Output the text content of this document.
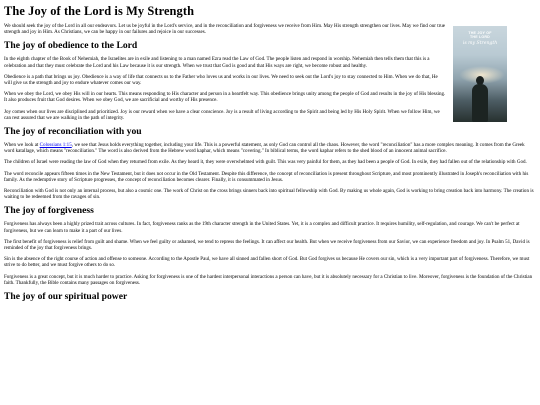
The Joy of the Lord is My Strength

We should seek the joy of the Lord in all our endeavors. Let us be joyful in the Lord's service, and in the reconciliation and forgiveness we receive from Him. May His strength strengthen our lives. May we find our true strength and joy in Him. As Christians, we can be happy in our failures and rejoice in our successes.	THE JOY OF
THE LORD
is my Strength
The joy of obedience to the Lord

In the eighth chapter of the Book of Nehemiah, the Israelites are in exile and listening to a man named Ezra read the Law of God. The people listen and respond in worship. Nehemiah then tells them that this is a celebration and that they must celebrate the Lord and his Law because it is our strength. When we trust that God is good and that His ways are right, we become robust and healthy.

Obedience is a path that brings us joy. Obedience is a way of life that connects us to the Father who loves us and works in our lives. We need to seek out the Lord's joy to stay connected to Him. When we do that, He will give us the strength and joy to endure whatever comes our way.

When we obey the Lord, we obey His will in our hearts. This means responding to His character and person in a heartfelt way. This obedience brings unity among the people of God and results in the joy of His blessing. It also produces fruit that God desires. When we obey God, we are sacrificial and worthy of His presence.

Joy comes when our lives are disciplined and prioritized. Joy is our reward when we have a clear conscience. Joy is a result of living according to the Spirit and being led by His Holy Spirit. When we follow Him, we can rest assured that we are walking in the path of integrity.

The joy of reconciliation with you

When we look at Colossians 1:15, we see that Jesus holds everything together, including your life. This is a powerful statement, as only God can control all the chaos. However, the word "reconciliation" has a more complex meaning. It comes from the Greek word katallage, which means "reconciliation." The word is also derived from the Hebrew word kaphar, which means "covering." In biblical terms, the word kaphar refers to the shed blood of an innocent animal sacrifice.

The children of Israel were reading the law of God when they returned from exile. As they heard it, they were overwhelmed with guilt. This was very painful for them, as they had been a people of God. In exile, they had fallen out of the relationship with God.

The word reconcile appears fifteen times in the New Testament, but it does not occur in the Old Testament. Despite this difference, the concept of reconciliation is present throughout Scripture, and most prominently illustrated in Joseph's reconciliation with his family. As the redemptive story of Scripture progresses, the concept of reconciliation becomes clearer. Finally, it is consummated in Jesus.

Reconciliation with God is not only an internal process, but also a cosmic one. The work of Christ on the cross brings sinners back into spiritual fellowship with God. By making us whole again, God is working to bring creation back into harmony. The creation is waiting to be redeemed from the ravages of sin.

The joy of forgiveness

Forgiveness has always been a highly prized trait across cultures. In fact, forgiveness ranks as the 19th character strength in the United States. Yet, it is a complex and difficult practice. It requires humility, self-regulation, and courage. We can't be perfect at forgiveness, but we can learn to make it a part of our lives.

The first benefit of forgiveness is relief from guilt and shame. When we feel guilty or ashamed, we tend to repress the feelings. It can affect our health. But when we receive forgiveness from our Savior, we can experience freedom and joy. In Psalm 51, David is reminded of the joy that forgiveness brings.

Sin is the absence of the right course of action and offense to someone. According to the Apostle Paul, we have all sinned and fallen short of God. But God forgives us because He covers our sin, which is a very important part of forgiveness. Therefore, we must strive to do better, and we must forgive others to do so.

Forgiveness is a great concept, but it is much harder to practice. Asking for forgiveness is one of the hardest interpersonal interactions a person can have, but it is absolutely necessary for a Christian to live. Moreover, forgiveness is the foundation of the Christian faith. Thankfully, the Bible contains many passages on forgiveness.

The joy of our spiritual power
